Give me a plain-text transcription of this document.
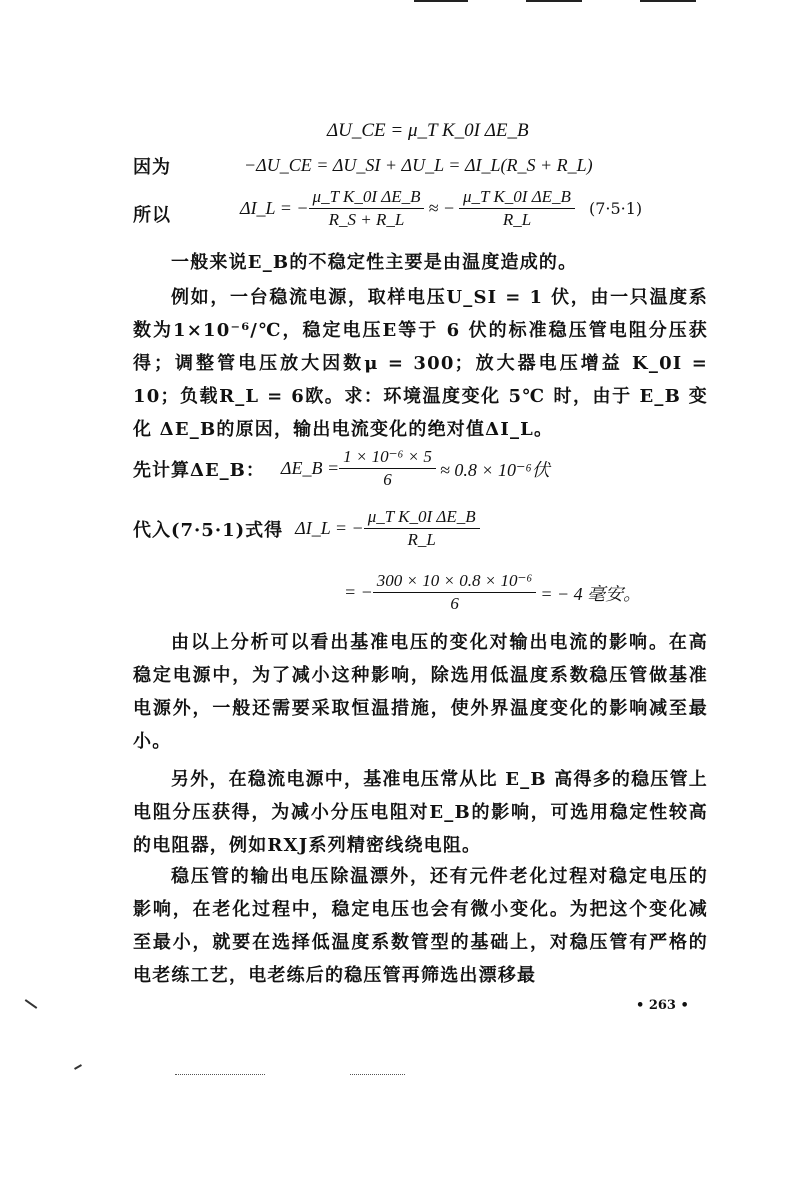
ΔU_CE = μ_T K_0I ΔE_B
因为	−ΔU_CE = ΔU_SI + ΔU_L = ΔI_L(R_S + R_L)
所以	ΔI_L = − $\frac{\text{μ\_T K\_0I ΔE\_B}}{R\_S + R\_L}$ ≈ − $\frac{\text{μ\_T K\_0I ΔE\_B}}{R\_L} (7\cdot 5\cdot 1)$
一般来说E_B的不稳定性主要是由温度造成的。
例如，一台稳流电源，取样电压U_SI = 1 伏，由一只温度系数为1×10⁻⁶/℃，稳定电压E等于 6 伏的标准稳压管电阻分压获得；调整管电压放大因数μ = 300；放大器电压增益 K_0I = 10；负载R_L = 6欧。求：环境温度变化 5℃ 时，由于 E_B 变化 ΔE_B的原因，输出电流变化的绝对值ΔI_L。
先计算ΔE_B： ΔE_B = $\frac{\text{1 × 10⁻⁶ × 5}}{6} \approx 0.8 \times 10^{-6}$伏
代入(7·5·1)式得 ΔI_L = − $\frac{\text{μ\_T K\_0I ΔE\_B}}{R\_L}$
= − $\frac{\text{300 × 10 × 0.8 × 10⁻⁶}}{6}$ = − 4 毫安。
由以上分析可以看出基准电压的变化对输出电流的影响。在高稳定电源中，为了减小这种影响，除选用低温度系数稳压管做基准电源外，一般还需要采取恒温措施，使外界温度变化的影响减至最小。
另外，在稳流电源中，基准电压常从比 E_B 高得多的稳压管上电阻分压获得，为减小分压电阻对E_B的影响，可选用稳定性较高的电阻器，例如RXJ系列精密线绕电阻。
稳压管的输出电压除温漂外，还有元件老化过程对稳定电压的影响，在老化过程中，稳定电压也会有微小变化。为把这个变化减至最小，就要在选择低温度系数管型的基础上，对稳压管有严格的电老练工艺，电老练后的稳压管再筛选出漂移最
• 263 •
